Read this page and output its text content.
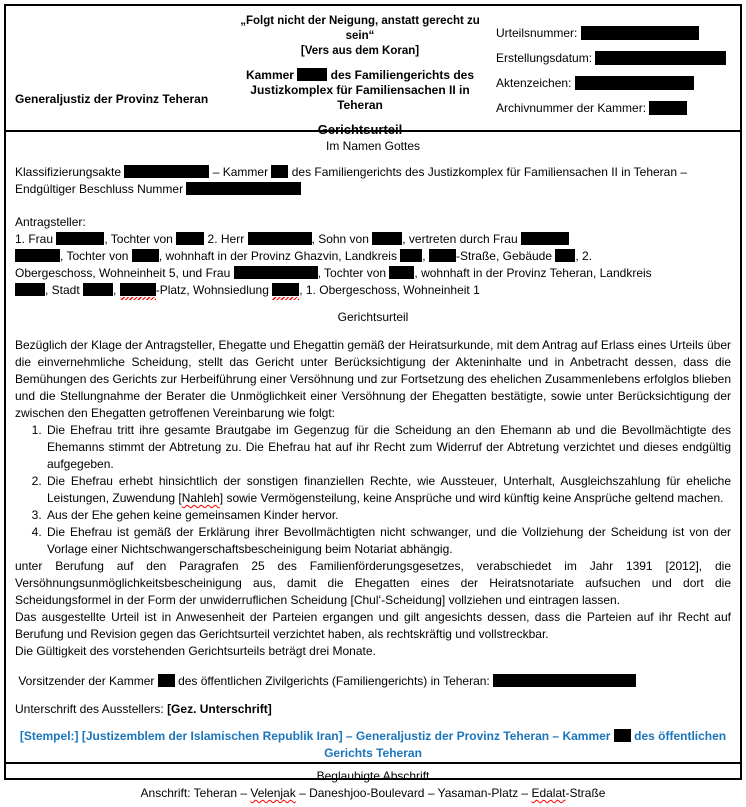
Generaljustiz der Provinz Teheran
„Folgt nicht der Neigung, anstatt gerecht zu sein“
[Vers aus dem Koran]
Kammer	des Familiengerichts des Justizkomplex für Familiensachen II in Teheran
Gerichtsurteil
Urteilsnummer:
Erstellungsdatum:
Aktenzeichen:
Archivnummer der Kammer:
Im Namen Gottes
Klassifizierungsakte	– Kammer  des Familiengerichts des Justizkomplex für Familiensachen II in Teheran –
Endgültiger Beschluss Nummer
Antragsteller:
1. Frau	, Tochter von  2. Herr	, Sohn von	, vertreten durch Frau
, Tochter von , wohnhaft in der Provinz Ghazvin, Landkreis , -Straße, Gebäude , 2.
Obergeschoss, Wohneinheit 5, und Frau	, Tochter von , wohnhaft in der Provinz Teheran, Landkreis
, Stadt	,	-Platz, Wohnsiedlung , 1. Obergeschoss, Wohneinheit 1
Gerichtsurteil
Bezüglich der Klage der Antragsteller, Ehegatte und Ehegattin gemäß der Heiratsurkunde, mit dem Antrag auf Erlass eines Urteils über die einvernehmliche Scheidung, stellt das Gericht unter Berücksichtigung der Akteninhalte und in Anbetracht dessen, dass die Bemühungen des Gerichts zur Herbeiführung einer Versöhnung und zur Fortsetzung des ehelichen Zusammenlebens erfolglos blieben und die Stellungnahme der Berater die Unmöglichkeit einer Versöhnung der Ehegatten bestätigte, sowie unter Berücksichtigung der zwischen den Ehegatten getroffenen Vereinbarung wie folgt:
1. Die Ehefrau tritt ihre gesamte Brautgabe im Gegenzug für die Scheidung an den Ehemann ab und die Bevollmächtigte des Ehemanns stimmt der Abtretung zu. Die Ehefrau hat auf ihr Recht zum Widerruf der Abtretung verzichtet und dieses endgültig aufgegeben.
2. Die Ehefrau erhebt hinsichtlich der sonstigen finanziellen Rechte, wie Aussteuer, Unterhalt, Ausgleichszahlung für eheliche Leistungen, Zuwendung [Nahleh] sowie Vermögensteilung, keine Ansprüche und wird künftig keine Ansprüche geltend machen.
3. Aus der Ehe gehen keine gemeinsamen Kinder hervor.
4. Die Ehefrau ist gemäß der Erklärung ihrer Bevollmächtigten nicht schwanger, und die Vollziehung der Scheidung ist von der Vorlage einer Nichtschwangerschaftsbescheinigung beim Notariat abhängig.
unter Berufung auf den Paragrafen 25 des Familienförderungsgesetzes, verabschiedet im Jahr 1391 [2012], die Versöhnungsunmöglichkeitsbescheinigung aus, damit die Ehegatten eines der Heiratsnotariate aufsuchen und dort die Scheidungsformel in der Form der unwiderruflichen Scheidung [Chulʻ-Scheidung] vollziehen und eintragen lassen.
Das ausgestellte Urteil ist in Anwesenheit der Parteien ergangen und gilt angesichts dessen, dass die Parteien auf ihr Recht auf Berufung und Revision gegen das Gerichtsurteil verzichtet haben, als rechtskräftig und vollstreckbar.
Die Gültigkeit des vorstehenden Gerichtsurteils beträgt drei Monate.
Vorsitzender der Kammer  des öffentlichen Zivilgerichts (Familiengerichts) in Teheran:
Unterschrift des Ausstellers: [Gez. Unterschrift]
[Stempel:] [Justizemblem der Islamischen Republik Iran] – Generaljustiz der Provinz Teheran – Kammer  des öffentlichen Gerichts Teheran
Beglaubigte Abschrift
Anschrift: Teheran – Velenjak – Daneshjoo-Boulevard – Yasaman-Platz – Edalat-Straße
